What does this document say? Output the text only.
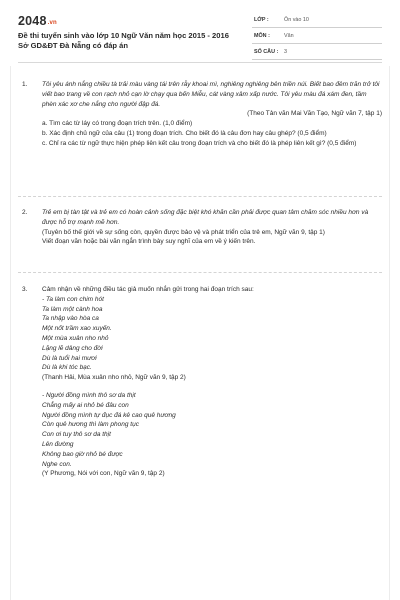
2048.vn
Đề thi tuyển sinh vào lớp 10 Ngữ Văn năm học 2015 - 2016
Sở GD&ĐT Đà Nẵng có đáp án
LỚP :	Ôn vào 10
MÔN :	Văn
SỐ CÂU : 3
1. Tôi yêu ánh nắng chiều tà trải màu vàng tái trên rẫy khoai mì, nghiêng nghiêng bên triền núi. Biết bao đêm trăn trở tôi viết bao trang về con rạch nhỏ cạn lờ chạy qua bến Miễu, cát vàng xâm xấp nước. Tôi yêu màu đá xám đen, tầm phèn xác xơ che nắng cho người đập đá.
(Theo Tản văn Mai Văn Tạo, Ngữ văn 7, tập 1)
a. Tìm các từ láy có trong đoạn trích trên. (1,0 điểm)
b. Xác định chủ ngữ của câu (1) trong đoạn trích. Cho biết đó là câu đơn hay câu ghép? (0,5 điểm)
c. Chỉ ra các từ ngữ thực hiện phép liên kết câu trong đoạn trích và cho biết đó là phép liên kết gì? (0,5 điểm)
2. Trẻ em bị tàn tật và trẻ em có hoàn cảnh sống đặc biệt khó khăn cần phải được quan tâm chăm sóc nhiều hơn và được hỗ trợ mạnh mẽ hơn.
(Tuyên bố thế giới về sự sống còn, quyền được bảo vệ và phát triển của trẻ em, Ngữ văn 9, tập 1)
Viết đoạn văn hoặc bài văn ngắn trình bày suy nghĩ của em về ý kiến trên.
3. Cảm nhận về những điều tác giả muốn nhắn gửi trong hai đoạn trích sau:
- Ta làm con chim hót
Ta làm một cành hoa
Ta nhập vào hòa ca
Một nốt trầm xao xuyến.
Một mùa xuân nho nhỏ
Lặng lẽ dâng cho đời
Dù là tuổi hai mươi
Dù là khi tóc bạc.
(Thanh Hải, Mùa xuân nho nhỏ, Ngữ văn 9, tập 2)
- Người đồng mình thô sơ da thịt
Chẳng mấy ai nhỏ bé đâu con
Người đồng mình tự đục đá kê cao quê hương
Còn quê hương thì làm phong tục
Con ơi tuy thô sơ da thịt
Lên đường
Không bao giờ nhỏ bé được
Nghe con.
(Y Phương, Nói với con, Ngữ văn 9, tập 2)
